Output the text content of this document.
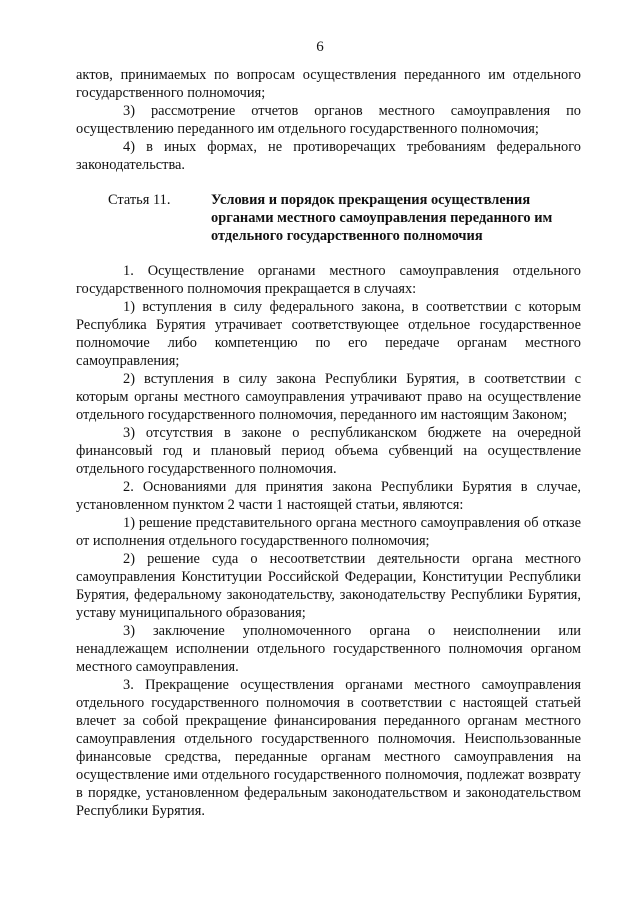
6

актов, принимаемых по вопросам осуществления переданного им отдельного государственного полномочия;

3) рассмотрение отчетов органов местного самоуправления по осуществлению переданного им отдельного государственного полномочия;

4) в иных формах, не противоречащих требованиям федерального законодательства.

Статья 11.	Условия и порядок прекращения осуществления
органами местного самоуправления переданного им
отдельного государственного полномочия

1. Осуществление органами местного самоуправления отдельного государственного полномочия прекращается в случаях:

1) вступления в силу федерального закона, в соответствии с которым Республика Бурятия утрачивает соответствующее отдельное государственное полномочие либо компетенцию по его передаче органам местного самоуправления;

2) вступления в силу закона Республики Бурятия, в соответствии с которым органы местного самоуправления утрачивают право на осуществление отдельного государственного полномочия, переданного им настоящим Законом;

3) отсутствия в законе о республиканском бюджете на очередной финансовый год и плановый период объема субвенций на осуществление отдельного государственного полномочия.

2. Основаниями для принятия закона Республики Бурятия в случае, установленном пунктом 2 части 1 настоящей статьи, являются:

1) решение представительного органа местного самоуправления об отказе от исполнения отдельного государственного полномочия;

2) решение суда о несоответствии деятельности органа местного самоуправления Конституции Российской Федерации, Конституции Республики Бурятия, федеральному законодательству, законодательству Республики Бурятия, уставу муниципального образования;

3) заключение уполномоченного органа о неисполнении или ненадлежащем исполнении отдельного государственного полномочия органом местного самоуправления.

3. Прекращение осуществления органами местного самоуправления отдельного государственного полномочия в соответствии с настоящей статьей влечет за собой прекращение финансирования переданного органам местного самоуправления отдельного государственного полномочия. Неиспользованные финансовые средства, переданные органам местного самоуправления на осуществление ими отдельного государственного полномочия, подлежат возврату в порядке, установленном федеральным законодательством и законодательством Республики Бурятия.
